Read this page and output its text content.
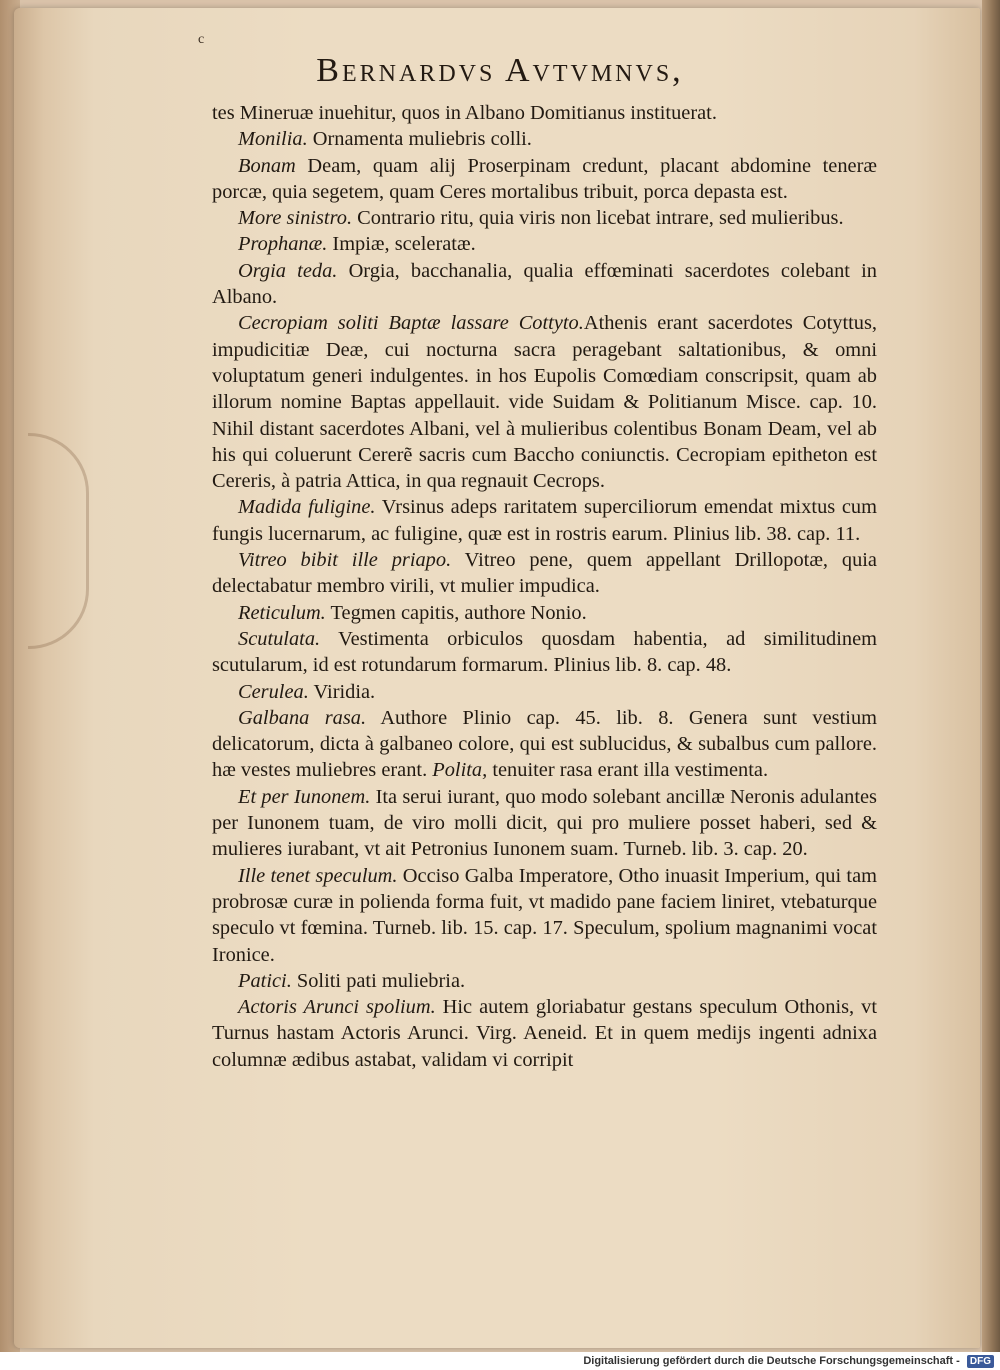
c
Bernardvs Avtvmnvs,

tes Mineruæ inuehitur, quos in Albano Domitianus instituerat.

Monilia. Ornamenta muliebris colli.

Bonam Deam, quam alij Proserpinam credunt, placant abdomine teneræ porcæ, quia segetem, quam Ceres mortalibus tribuit, porca depasta est.

More sinistro. Contrario ritu, quia viris non licebat intrare, sed mulieribus.

Prophanæ. Impiæ, sceleratæ.

Orgia teda. Orgia, bacchanalia, qualia effœminati sacerdotes colebant in Albano.

Cecropiam soliti Baptæ lassare Cottyto.Athenis erant sacerdotes Cotyttus, impudicitiæ Deæ, cui nocturna sacra peragebant saltationibus, & omni voluptatum generi indulgentes. in hos Eupolis Comœdiam conscripsit, quam ab illorum nomine Baptas appellauit. vide Suidam & Politianum Misce. cap. 10. Nihil distant sacerdotes Albani, vel à mulieribus colentibus Bonam Deam, vel ab his qui coluerunt Cererẽ sacris cum Baccho coniunctis. Cecropiam epitheton est Cereris, à patria Attica, in qua regnauit Cecrops.

Madida fuligine. Vrsinus adeps raritatem superciliorum emendat mixtus cum fungis lucernarum, ac fuligine, quæ est in rostris earum. Plinius lib. 38. cap. 11.

Vitreo bibit ille priapo. Vitreo pene, quem appellant Drillopotæ, quia delectabatur membro virili, vt mulier impudica.

Reticulum. Tegmen capitis, authore Nonio.

Scutulata. Vestimenta orbiculos quosdam habentia, ad similitudinem scutularum, id est rotundarum formarum. Plinius lib. 8. cap. 48.

Cerulea. Viridia.

Galbana rasa. Authore Plinio cap. 45. lib. 8. Genera sunt vestium delicatorum, dicta à galbaneo colore, qui est sublucidus, & subalbus cum pallore. hæ vestes muliebres erant. Polita, tenuiter rasa erant illa vestimenta.

Et per Iunonem. Ita serui iurant, quo modo solebant ancillæ Neronis adulantes per Iunonem tuam, de viro molli dicit, qui pro muliere posset haberi, sed & mulieres iurabant, vt ait Petronius Iunonem suam. Turneb. lib. 3. cap. 20.

Ille tenet speculum. Occiso Galba Imperatore, Otho inuasit Imperium, qui tam probrosæ curæ in polienda forma fuit, vt madido pane faciem liniret, vtebaturque speculo vt fœmina. Turneb. lib. 15. cap. 17. Speculum, spolium magnanimi vocat Ironice.

Patici. Soliti pati muliebria.

Actoris Arunci spolium. Hic autem gloriabatur gestans speculum Othonis, vt Turnus hastam Actoris Arunci. Virg. Aeneid. Et in quem medijs ingenti adnixa columnæ ædibus astabat, validam vi corripit

Digitalisierung gefördert durch die Deutsche Forschungsgemeinschaft - DFG
